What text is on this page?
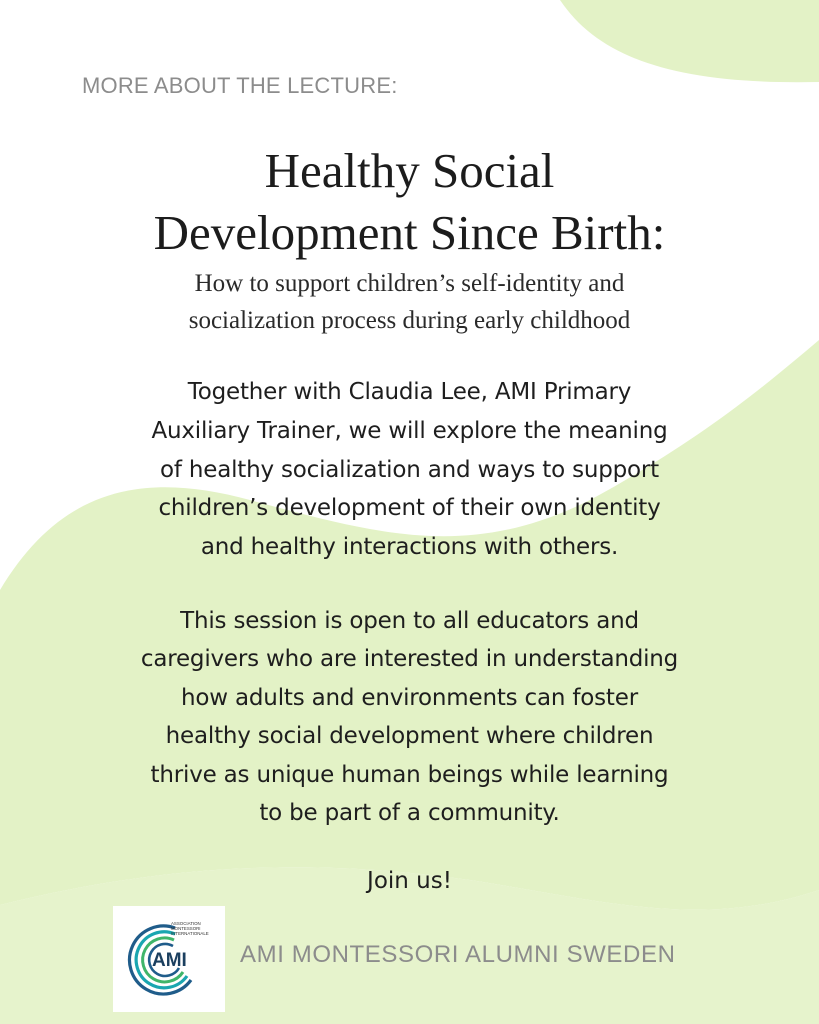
MORE ABOUT THE LECTURE:
Healthy Social
Development Since Birth:
How to support children’s self-identity and
socialization process during early childhood
Together with Claudia Lee, AMI Primary
Auxiliary Trainer, we will explore the meaning
of healthy socialization and ways to support
children’s development of their own identity
and healthy interactions with others.
This session is open to all educators and
caregivers who are interested in understanding
how adults and environments can foster
healthy social development where children
thrive as unique human beings while learning
to be part of a community.
Join us!
ASSOCIATION
MONTESSORI
INTERNATIONALE
AMI AMI MONTESSORI ALUMNI SWEDEN
